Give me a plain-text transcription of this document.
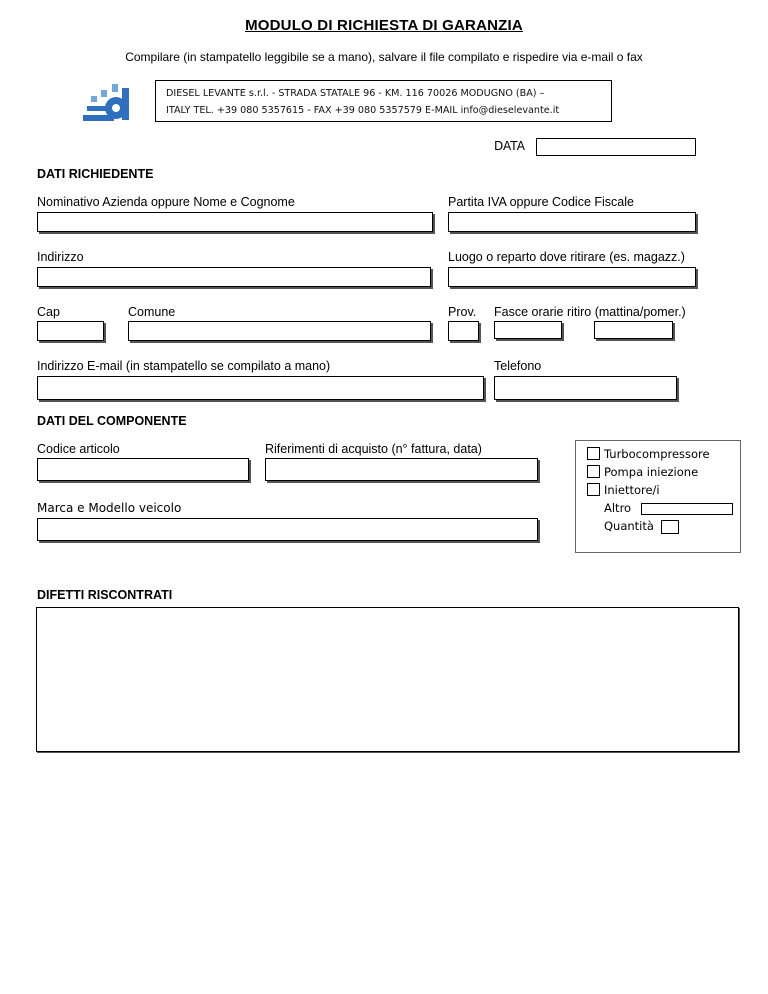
MODULO DI RICHIESTA DI GARANZIA
Compilare (in stampatello leggibile se a mano), salvare il file compilato e rispedire via e-mail o fax
DIESEL LEVANTE s.r.l. - STRADA STATALE 96 - KM. 116 70026 MODUGNO (BA) –
ITALY TEL. +39 080 5357615 - FAX +39 080 5357579 E-MAIL info@dieselevante.it
DATA
DATI RICHIEDENTE
Nominativo Azienda oppure Nome e Cognome	Partita IVA oppure Codice Fiscale
Indirizzo	Luogo o reparto dove ritirare (es. magazz.)
Cap	Comune	Prov. Fasce orarie ritiro (mattina/pomer.)
Indirizzo E-mail (in stampatello se compilato a mano)	Telefono
DATI DEL COMPONENTE
Codice articolo	Riferimenti di acquisto (n° fattura, data)
Marca e Modello veicolo
Turbocompressore
Pompa iniezione
Iniettore/i
Altro
Quantità
DIFETTI RISCONTRATI
